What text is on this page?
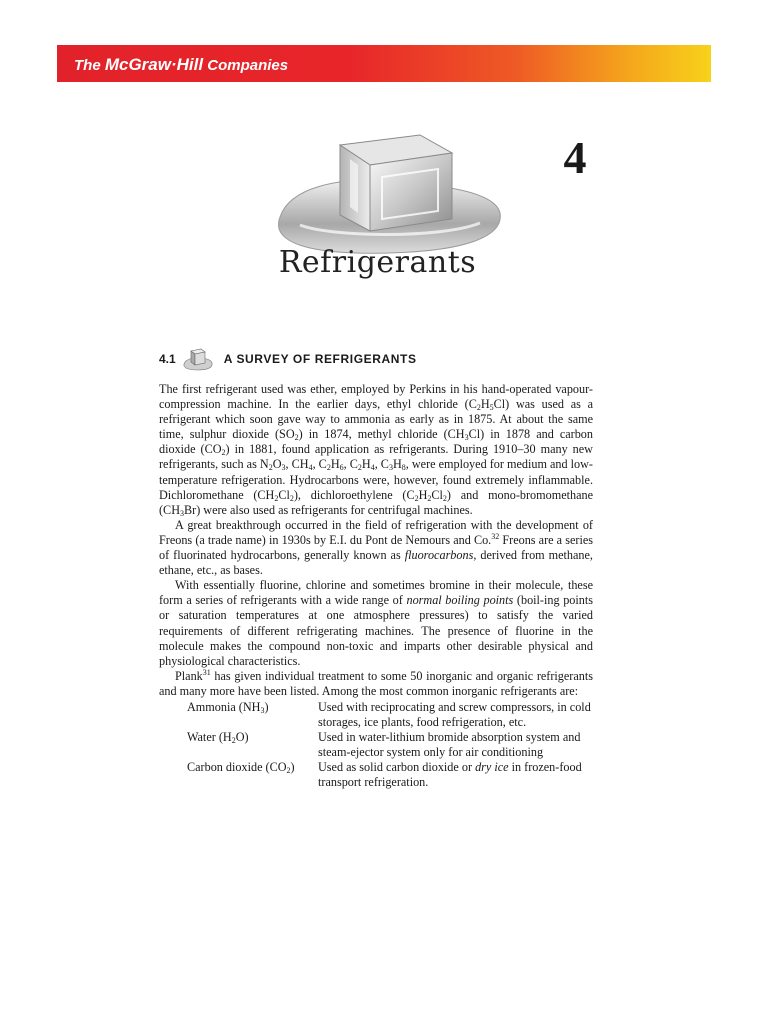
The McGraw·Hill Companies
4
Refrigerants
4.1	A SURVEY OF REFRIGERANTS

The first refrigerant used was ether, employed by Perkins in his hand-operated vapour-compression machine. In the earlier days, ethyl chloride $(C_2H_5Cl)$ was used as a refrigerant which soon gave way to ammonia as early as in 1875. At about the same time, sulphur dioxide $(SO_2)$ in 1874, methyl chloride $(CH_3Cl)$ in 1878 and carbon dioxide $(CO_2)$ in 1881, found application as refrigerants. During 1910–30 many new refrigerants, such as $N_2O_3$, $CH_4$, $C_2H_6$, $C_2H_4$, $C_3H_8$, were employed for medium and low-temperature refrigeration. Hydrocarbons were, however, found extremely inflammable. Dichloromethane $(CH_2Cl_2)$, dichloroethylene $(C_2H_2Cl_2)$ and mono-bromomethane $(CH_3Br)$ were also used as refrigerants for centrifugal machines.

A great breakthrough occurred in the field of refrigeration with the development of Freons (a trade name) in 1930s by E.I. du Pont de Nemours and Co.$^{32}$ Freons are a series of fluorinated hydrocarbons, generally known as fluorocarbons, derived from methane, ethane, etc., as bases.

With essentially fluorine, chlorine and sometimes bromine in their molecule, these form a series of refrigerants with a wide range of normal boiling points (boil-ing points or saturation temperatures at one atmosphere pressures) to satisfy the varied requirements of different refrigerating machines. The presence of fluorine in the molecule makes the compound non-toxic and imparts other desirable physical and physiological characteristics.

Plank$^{31}$ has given individual treatment to some 50 inorganic and organic refrigerants and many more have been listed. Among the most common inorganic refrigerants are:

Ammonia $(NH_3)$	Used with reciprocating and screw compressors, in cold storages, ice plants, food refrigeration, etc.
Water $(H_2O)$	Used in water-lithium bromide absorption system and steam-ejector system only for air conditioning
Carbon dioxide $(CO_2)$	Used as solid carbon dioxide or dry ice in frozen-food transport refrigeration.
